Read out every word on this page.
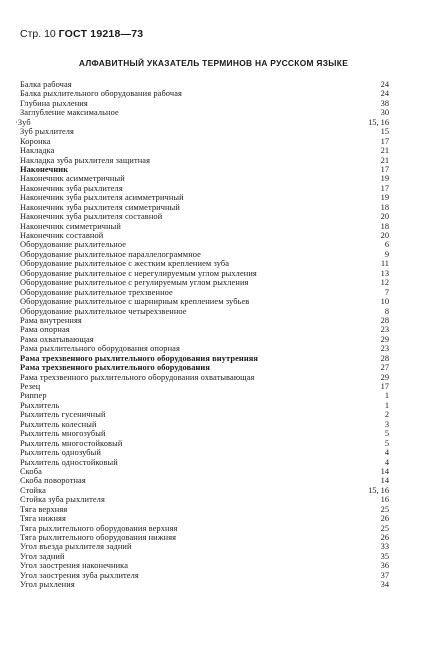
Стр. 10 ГОСТ 19218—73
АЛФАВИТНЫЙ УКАЗАТЕЛЬ ТЕРМИНОВ НА РУССКОМ ЯЗЫКЕ
Балка рабочая	24
Балка рыхлительного оборудования рабочая	24
Глубина рыхления	38
Заглубление максимальное	30
·Зуб	15, 16
Зуб рыхлителя	15
Коронка	17
Накладка	21
Накладка зуба рыхлителя защитная	21
Наконечник	17
Наконечник асимметричный	19
Наконечник зуба рыхлителя	17
Наконечник зуба рыхлителя асимметричный	19
Наконечник зуба рыхлителя симметричный	18
Наконечник зуба рыхлителя составной	20
Наконечник симметричный	18
Наконечник составной	20
Оборудование рыхлительное	6
Оборудование рыхлительное параллелограммное	9
Оборудование рыхлительное с жестким креплением зуба	11
Оборудование рыхлительное с нерегулируемым углом рыхления	13
Оборудование рыхлительное с регулируемым углом рыхления	12
Оборудование рыхлительное трехзвенное	7
Оборудование рыхлительное с шарнирным креплением зубьев	10
Оборудование рыхлительное четырехзвенное	8
Рама внутренняя	28
Рама опорная	23
Рама охватывающая	29
Рама рыхлительного оборудования опорная	23
Рама трехзвенного рыхлительного оборудования внутренняя	28
Рама трехзвенного рыхлительного оборудования	27
Рама трехзвенного рыхлительного оборудования охватывающая	29
Резец	17
Риппер	1
Рыхлитель	1
Рыхлитель гусеничный	2
Рыхлитель колесный	3
Рыхлитель многозубый	5
Рыхлитель многостойковый	5
Рыхлитель однозубый	4
Рыхлитель одностойковый	4
Скоба	14
Скоба поворотная	14
Стойка	15, 16
Стойка зуба рыхлителя	16
Тяга верхняя	25
Тяга нижняя	26
Тяга рыхлительного оборудования верхняя	25
Тяга рыхлительного оборудования нижняя	26
Угол въезда рыхлителя задний	33
Угол задний	35
Угол заострения наконечника	36
Угол заострения зуба рыхлителя	37
Угол рыхления	34
